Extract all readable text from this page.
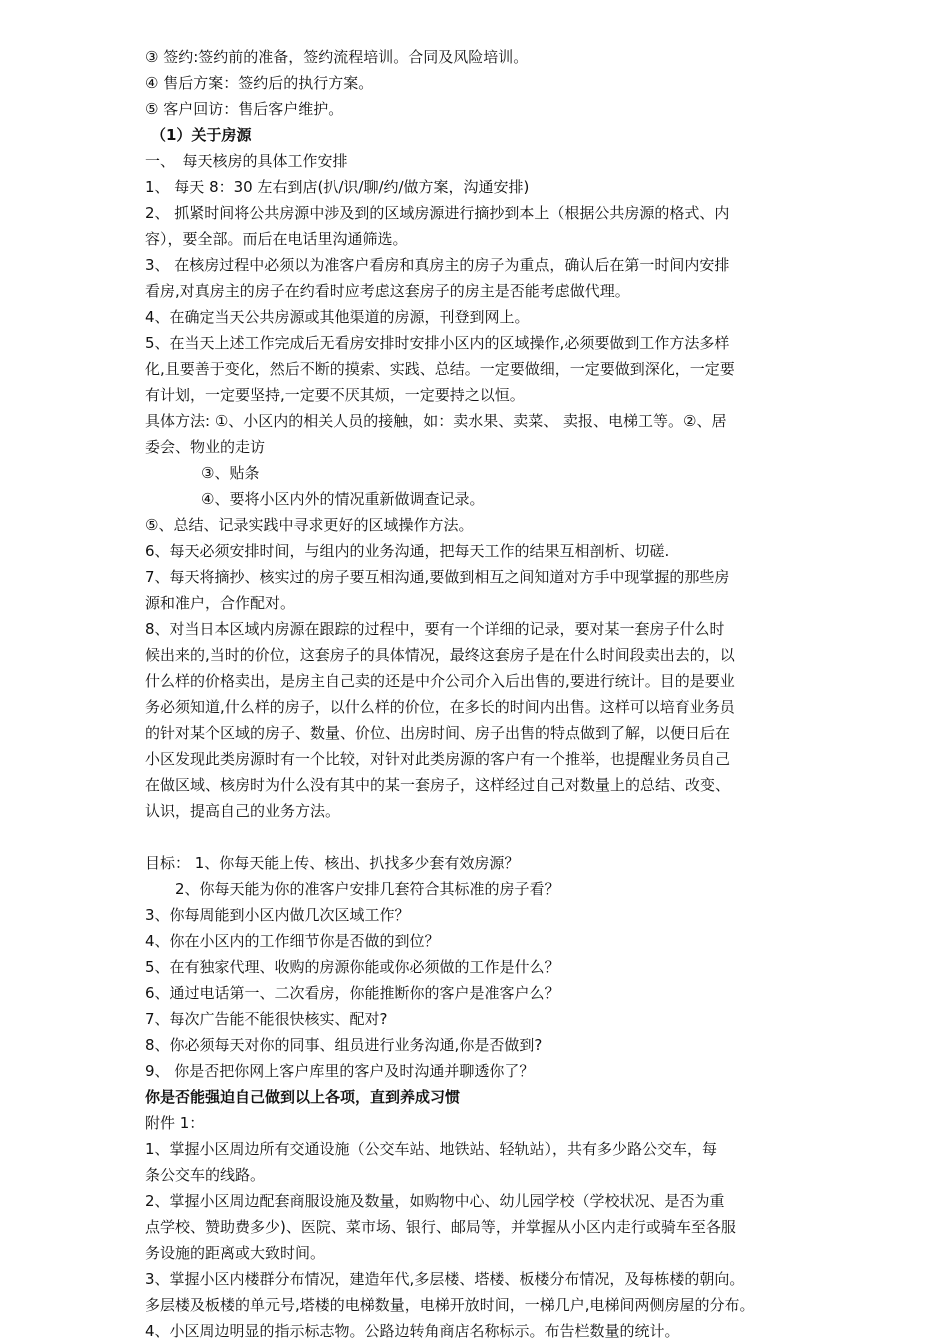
③ 签约:签约前的准备，签约流程培训。合同及风险培训。
④ 售后方案：签约后的执行方案。
⑤ 客户回访：售后客户维护。
（1）关于房源
一、　每天核房的具体工作安排
1、 每天 8：30 左右到店(扒/识/聊/约/做方案，沟通安排)
2、 抓紧时间将公共房源中涉及到的区域房源进行摘抄到本上（根据公共房源的格式、内
容），要全部。而后在电话里沟通筛选。
3、 在核房过程中必须以为准客户看房和真房主的房子为重点，确认后在第一时间内安排
看房,对真房主的房子在约看时应考虑这套房子的房主是否能考虑做代理。
4、在确定当天公共房源或其他渠道的房源，刊登到网上。
5、在当天上述工作完成后无看房安排时安排小区内的区域操作,必须要做到工作方法多样
化,且要善于变化，然后不断的摸索、实践、总结。一定要做细，一定要做到深化，一定要
有计划，一定要坚持,一定要不厌其烦，一定要持之以恒。
具体方法: ①、小区内的相关人员的接触，如：卖水果、卖菜、 卖报、电梯工等。②、居
委会、物业的走访
③、贴条
④、要将小区内外的情况重新做调查记录。
⑤、总结、记录实践中寻求更好的区域操作方法。
6、每天必须安排时间，与组内的业务沟通，把每天工作的结果互相剖析、切磋.
7、每天将摘抄、核实过的房子要互相沟通,要做到相互之间知道对方手中现掌握的那些房
源和准户，合作配对。
8、对当日本区域内房源在跟踪的过程中，要有一个详细的记录，要对某一套房子什么时
候出来的,当时的价位，这套房子的具体情况，最终这套房子是在什么时间段卖出去的，以
什么样的价格卖出，是房主自己卖的还是中介公司介入后出售的,要进行统计。目的是要业
务必须知道,什么样的房子，以什么样的价位，在多长的时间内出售。这样可以培育业务员
的针对某个区域的房子、数量、价位、出房时间、房子出售的特点做到了解，以便日后在
小区发现此类房源时有一个比较，对针对此类房源的客户有一个推举，也提醒业务员自己
在做区域、核房时为什么没有其中的某一套房子，这样经过自己对数量上的总结、改变、
认识，提高自己的业务方法。
目标： 1、你每天能上传、核出、扒找多少套有效房源？
2、你每天能为你的准客户安排几套符合其标准的房子看？
3、你每周能到小区内做几次区域工作？
4、你在小区内的工作细节你是否做的到位？
5、在有独家代理、收购的房源你能或你必须做的工作是什么？
6、通过电话第一、二次看房，你能推断你的客户是准客户么？
7、每次广告能不能很快核实、配对?
8、你必须每天对你的同事、组员进行业务沟通,你是否做到?
9、 你是否把你网上客户库里的客户及时沟通并聊透你了？
你是否能强迫自己做到以上各项，直到养成习惯
附件 1：
1、掌握小区周边所有交通设施（公交车站、地铁站、轻轨站），共有多少路公交车，每
条公交车的线路。
2、掌握小区周边配套商服设施及数量，如购物中心、幼儿园学校（学校状况、是否为重
点学校、赞助费多少)、医院、菜市场、银行、邮局等，并掌握从小区内走行或骑车至各服
务设施的距离或大致时间。
3、掌握小区内楼群分布情况，建造年代,多层楼、塔楼、板楼分布情况，及每栋楼的朝向。
多层楼及板楼的单元号,塔楼的电梯数量，电梯开放时间，一梯几户,电梯间两侧房屋的分布。
4、小区周边明显的指示标志物。公路边转角商店名称标示。布告栏数量的统计。
